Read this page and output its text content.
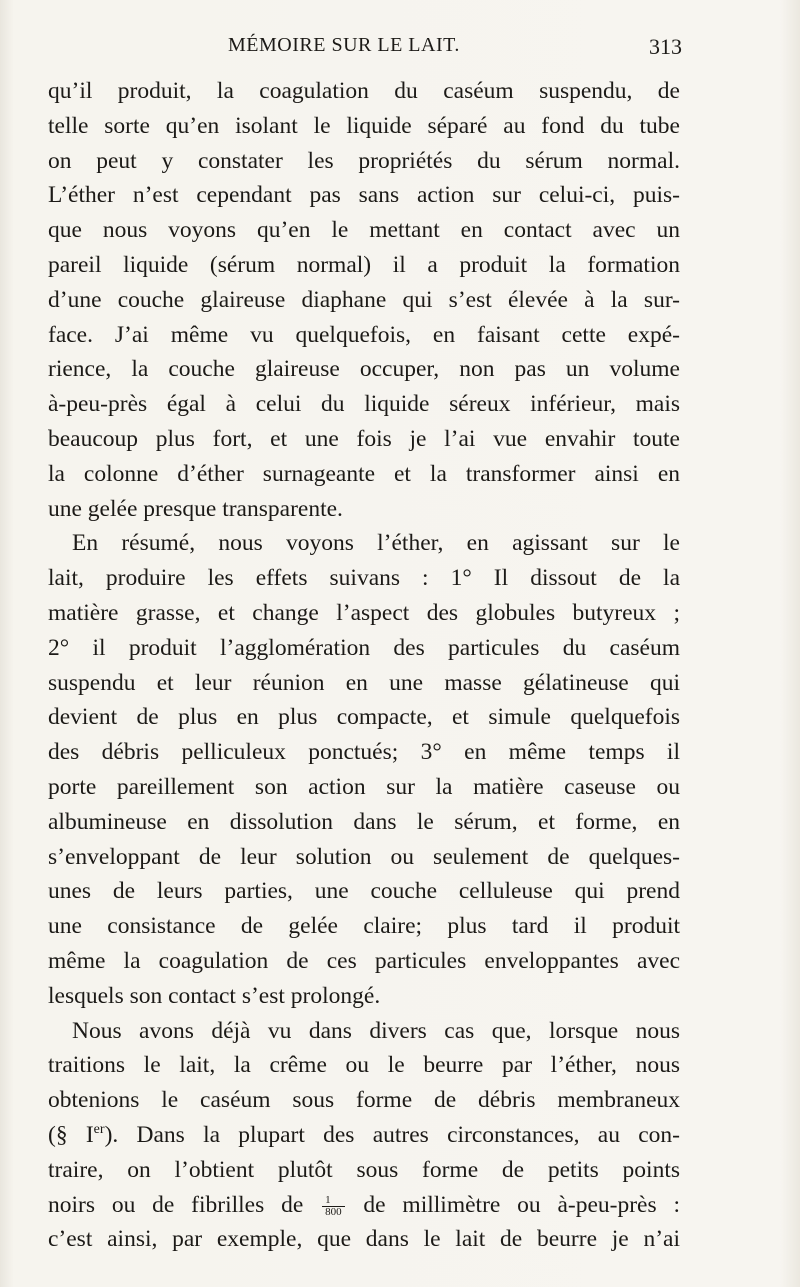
MÉMOIRE SUR LE LAIT.	313
qu’il produit, la coagulation du caséum suspendu, de
telle sorte qu’en isolant le liquide séparé au fond du tube
on peut y constater les propriétés du sérum normal.
L’éther n’est cependant pas sans action sur celui-ci, puis-
que nous voyons qu’en le mettant en contact avec un
pareil liquide (sérum normal) il a produit la formation
d’une couche glaireuse diaphane qui s’est élevée à la sur-
face. J’ai même vu quelquefois, en faisant cette expé-
rience, la couche glaireuse occuper, non pas un volume
à-peu-près égal à celui du liquide séreux inférieur, mais
beaucoup plus fort, et une fois je l’ai vue envahir toute
la colonne d’éther surnageante et la transformer ainsi en
une gelée presque transparente.
En résumé, nous voyons l’éther, en agissant sur le
lait, produire les effets suivans : 1° Il dissout de la
matière grasse, et change l’aspect des globules butyreux ;
2° il produit l’agglomération des particules du caséum
suspendu et leur réunion en une masse gélatineuse qui
devient de plus en plus compacte, et simule quelquefois
des débris pelliculeux ponctués; 3° en même temps il
porte pareillement son action sur la matière caseuse ou
albumineuse en dissolution dans le sérum, et forme, en
s’enveloppant de leur solution ou seulement de quelques-
unes de leurs parties, une couche celluleuse qui prend
une consistance de gelée claire; plus tard il produit
même la coagulation de ces particules enveloppantes avec
lesquels son contact s’est prolongé.
Nous avons déjà vu dans divers cas que, lorsque nous
traitions le lait, la crême ou le beurre par l’éther, nous
obtenions le caséum sous forme de débris membraneux
(§ Ier). Dans la plupart des autres circonstances, au con-
traire, on l’obtient plutôt sous forme de petits points
noirs ou de fibrilles de $\frac{1}{800}$ de millimètre ou à-peu-près :
c’est ainsi, par exemple, que dans le lait de beurre je n’ai
